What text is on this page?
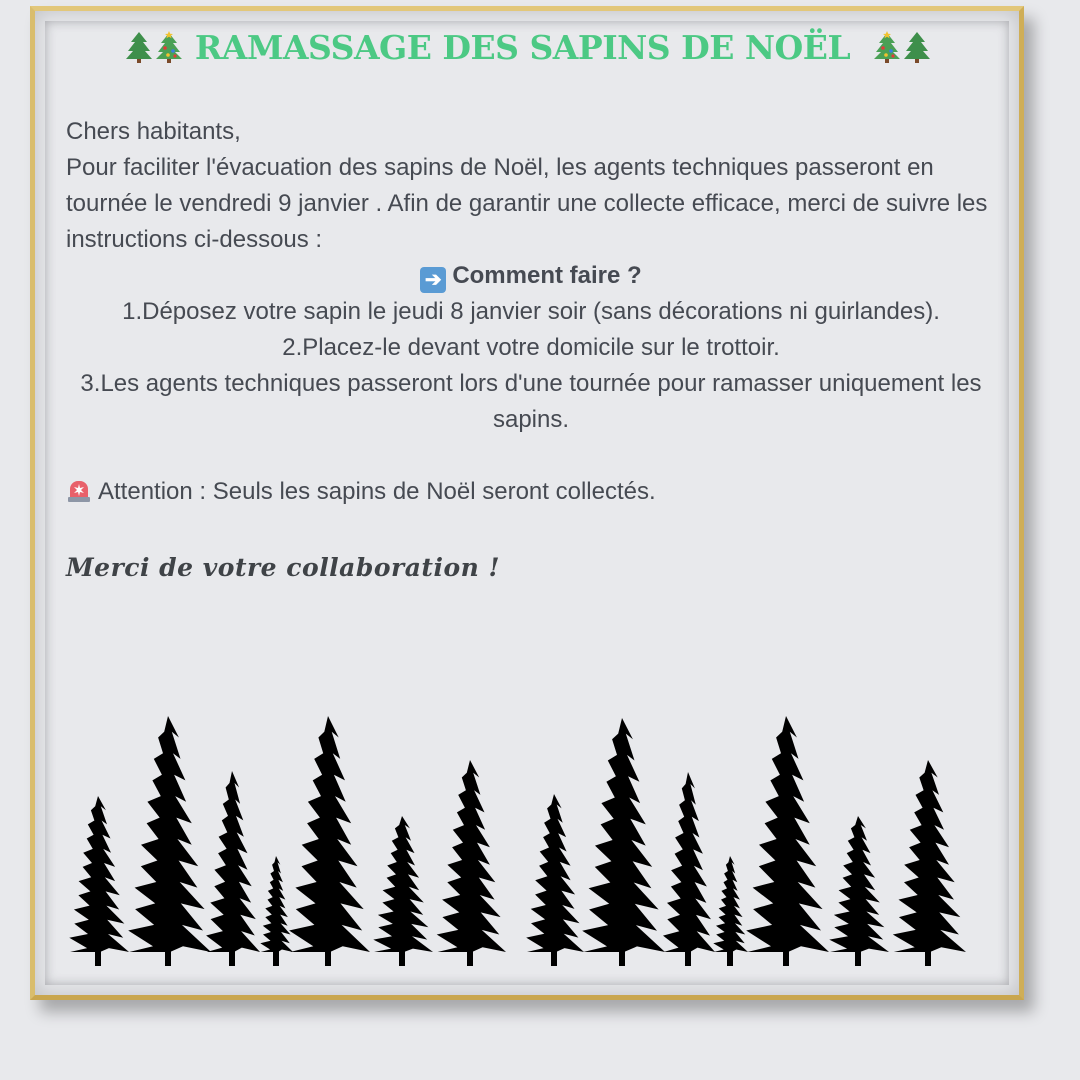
RAMASSAGE DES SAPINS DE NOËL

Chers habitants,

Pour faciliter l'évacuation des sapins de Noël, les agents techniques passeront en tournée le vendredi 9 janvier . Afin de garantir une collecte efficace, merci de suivre les instructions ci-dessous :

➔ Comment faire ?

1.Déposez votre sapin le jeudi 8 janvier soir (sans décorations ni guirlandes).

2.Placez-le devant votre domicile sur le trottoir.

3.Les agents techniques passeront lors d'une tournée pour ramasser uniquement les sapins.

Attention : Seuls les sapins de Noël seront collectés.

Merci de votre collaboration !
